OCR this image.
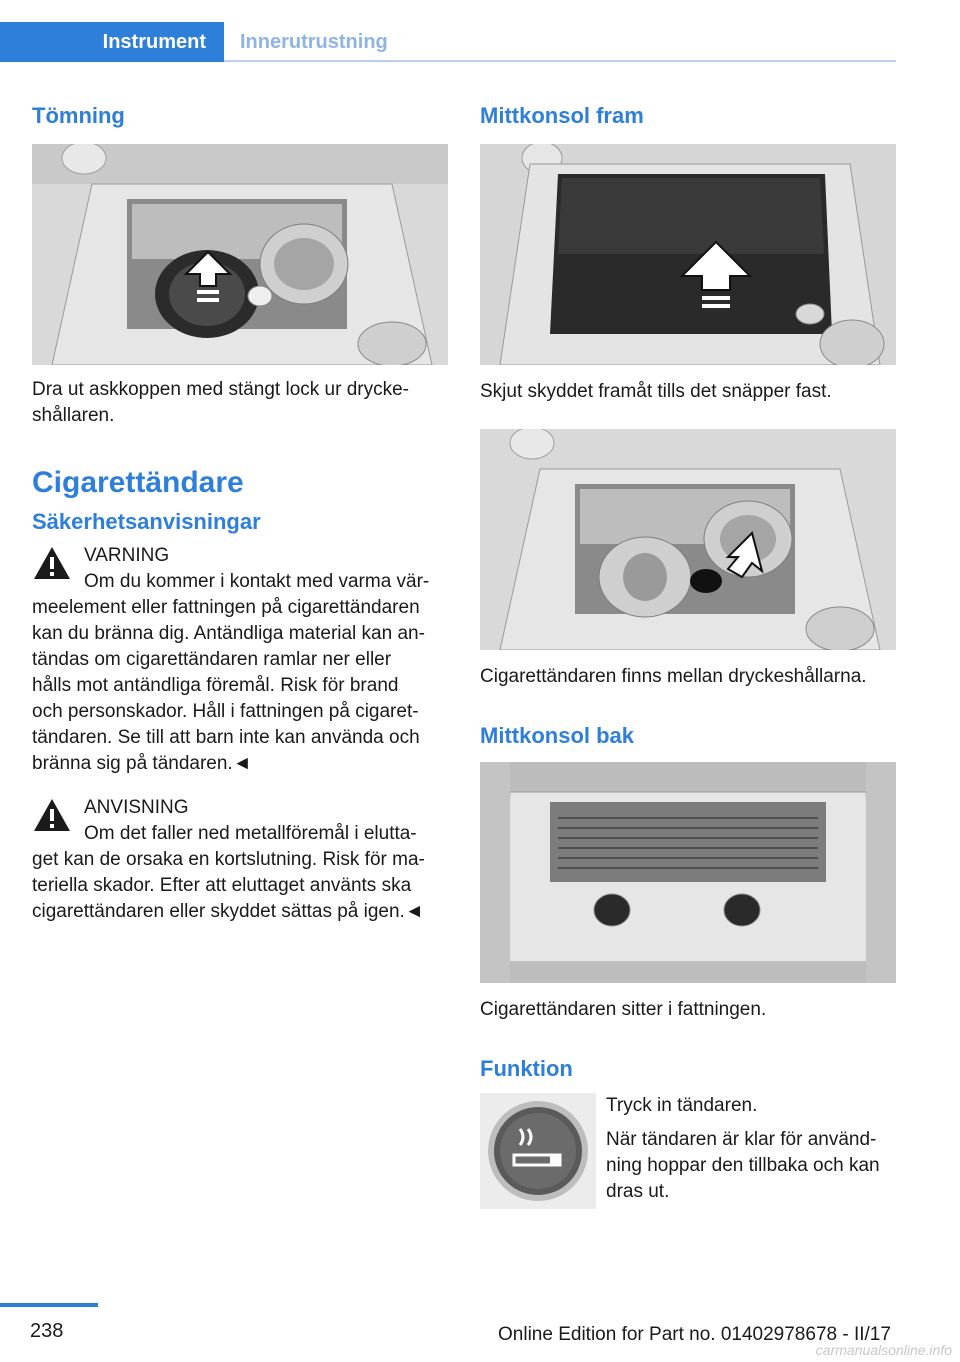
Instrument	Innerutrustning
Tömning

Dra ut askkoppen med stängt lock ur drycke‐

shållaren.

Cigarettändare
Säkerhetsanvisningar
VARNING
Om du kommer i kontakt med varma vär‐
meelement eller fattningen på cigarettändaren
kan du bränna dig. Antändliga material kan an‐
tändas om cigarettändaren ramlar ner eller
hålls mot antändliga föremål. Risk för brand
och personskador. Håll i fattningen på cigaret‐
tändaren. Se till att barn inte kan använda och
bränna sig på tändaren.◄
ANVISNING
Om det faller ned metallföremål i elutta‐
get kan de orsaka en kortslutning. Risk för ma‐
teriella skador. Efter att eluttaget använts ska
cigarettändaren eller skyddet sättas på igen.◄
Mittkonsol fram

Skjut skyddet framåt tills det snäpper fast.

Cigarettändaren finns mellan dryckeshållarna.

Mittkonsol bak

Cigarettändaren sitter i fattningen.

Funktion
Tryck in tändaren.
När tändaren är klar för använd‐
ning hoppar den tillbaka och kan
dras ut.
238	Online Edition for Part no. 01402978678 - II/17
carmanualsonline.info
